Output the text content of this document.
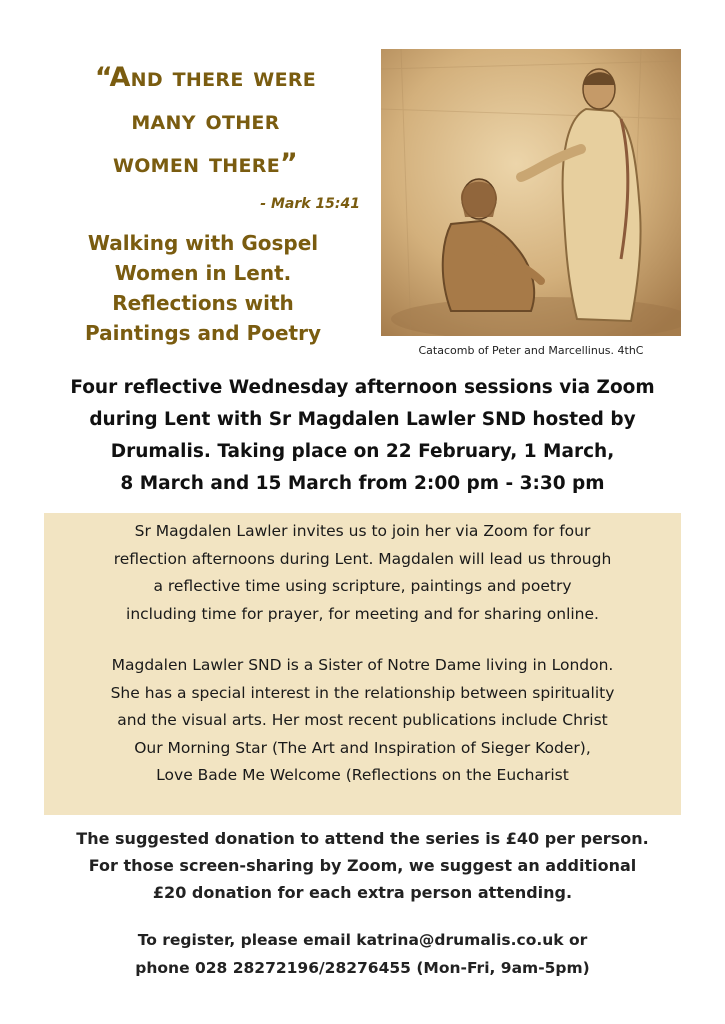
“And there were
many other
women there”
- Mark 15:41
Walking with Gospel
Women in Lent.
Reflections with
Paintings and Poetry
Catacomb of Peter and Marcellinus. 4thC
Four reflective Wednesday afternoon sessions via Zoom
during Lent with Sr Magdalen Lawler SND hosted by
Drumalis. Taking place on 22 February, 1 March,
8 March and 15 March from 2:00 pm - 3:30 pm
Sr Magdalen Lawler invites us to join her via Zoom for four
reflection afternoons during Lent. Magdalen will lead us through
a reflective time using scripture, paintings and poetry
including time for prayer, for meeting and for sharing online.
Magdalen Lawler SND is a Sister of Notre Dame living in London.
She has a special interest in the relationship between spirituality
and the visual arts. Her most recent publications include Christ
Our Morning Star (The Art and Inspiration of Sieger Koder),
Love Bade Me Welcome (Reflections on the Eucharist
The suggested donation to attend the series is £40 per person.
For those screen-sharing by Zoom, we suggest an additional
£20 donation for each extra person attending.
To register, please email katrina@drumalis.co.uk or
phone 028 28272196/28276455 (Mon-Fri, 9am-5pm)
